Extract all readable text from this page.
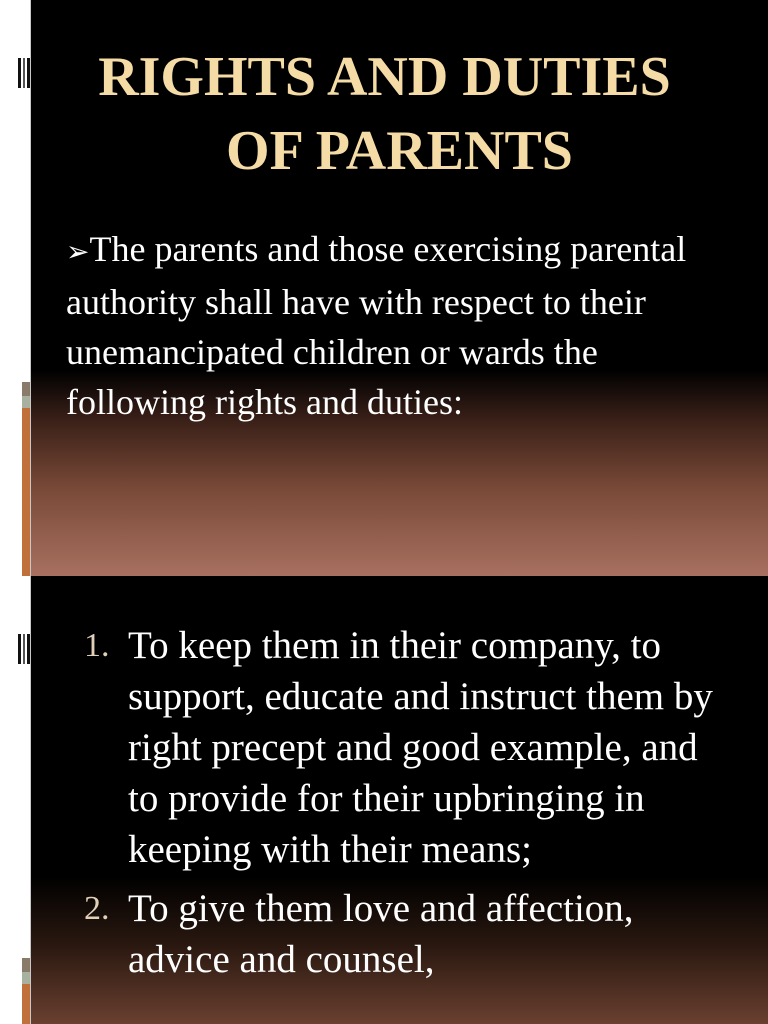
RIGHTS AND DUTIES
OF PARENTS

➢The parents and those exercising parental authority shall have with respect to their unemancipated children or wards the following rights and duties:

1. To keep them in their company, to support, educate and instruct them by right precept and good example, and to provide for their upbringing in keeping with their means;
2. To give them love and affection, advice and counsel,
